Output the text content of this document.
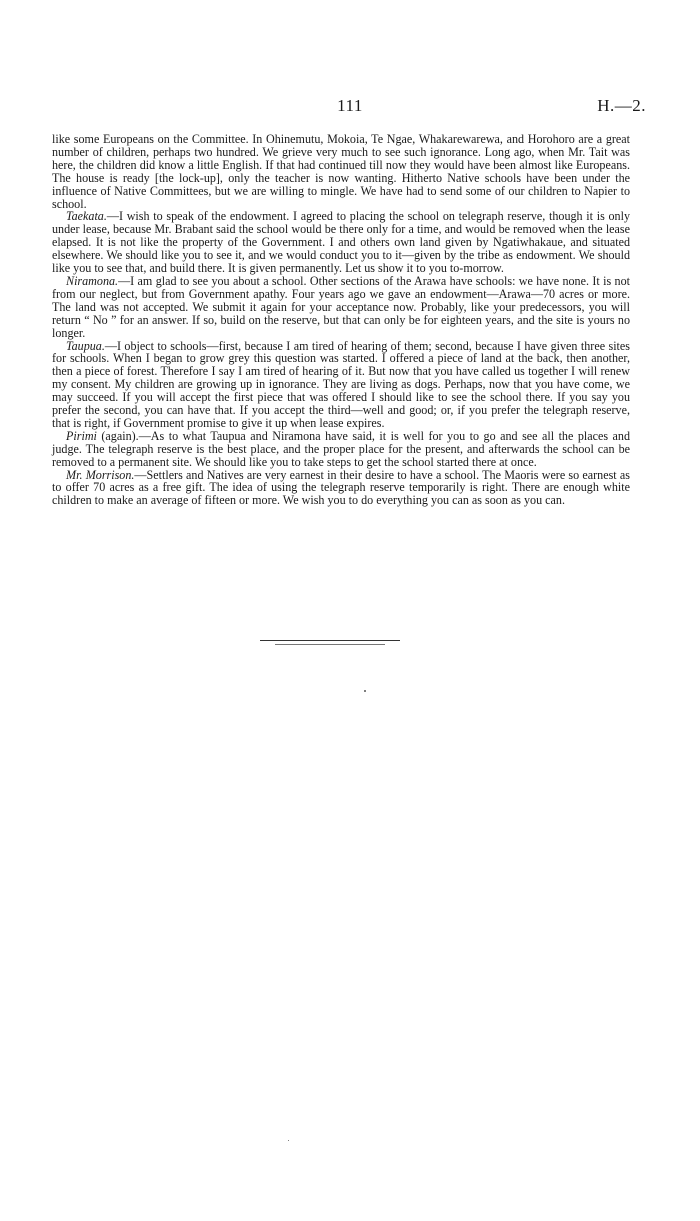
111	H.—2.

like some Europeans on the Committee. In Ohinemutu, Mokoia, Te Ngae, Whakarewarewa, and Horohoro are a great number of children, perhaps two hundred. We grieve very much to see such ignorance. Long ago, when Mr. Tait was here, the children did know a little English. If that had continued till now they would have been almost like Europeans. The house is ready [the lock-up], only the teacher is now wanting. Hitherto Native schools have been under the influence of Native Committees, but we are willing to mingle. We have had to send some of our children to Napier to school.

Taekata.—I wish to speak of the endowment. I agreed to placing the school on telegraph reserve, though it is only under lease, because Mr. Brabant said the school would be there only for a time, and would be removed when the lease elapsed. It is not like the property of the Government. I and others own land given by Ngatiwhakaue, and situated elsewhere. We should like you to see it, and we would conduct you to it—given by the tribe as endowment. We should like you to see that, and build there. It is given permanently. Let us show it to you to-morrow.

Niramona.—I am glad to see you about a school. Other sections of the Arawa have schools: we have none. It is not from our neglect, but from Government apathy. Four years ago we gave an endowment—Arawa—70 acres or more. The land was not accepted. We submit it again for your acceptance now. Probably, like your predecessors, you will return “ No ” for an answer. If so, build on the reserve, but that can only be for eighteen years, and the site is yours no longer.

Taupua.—I object to schools—first, because I am tired of hearing of them; second, because I have given three sites for schools. When I began to grow grey this question was started. I offered a piece of land at the back, then another, then a piece of forest. Therefore I say I am tired of hearing of it. But now that you have called us together I will renew my consent. My children are growing up in ignorance. They are living as dogs. Perhaps, now that you have come, we may succeed. If you will accept the first piece that was offered I should like to see the school there. If you say you prefer the second, you can have that. If you accept the third—well and good; or, if you prefer the telegraph reserve, that is right, if Government promise to give it up when lease expires.

Pirimi (again).—As to what Taupua and Niramona have said, it is well for you to go and see all the places and judge. The telegraph reserve is the best place, and the proper place for the present, and afterwards the school can be removed to a permanent site. We should like you to take steps to get the school started there at once.

Mr. Morrison.—Settlers and Natives are very earnest in their desire to have a school. The Maoris were so earnest as to offer 70 acres as a free gift. The idea of using the telegraph reserve temporarily is right. There are enough white children to make an average of fifteen or more. We wish you to do everything you can as soon as you can.
